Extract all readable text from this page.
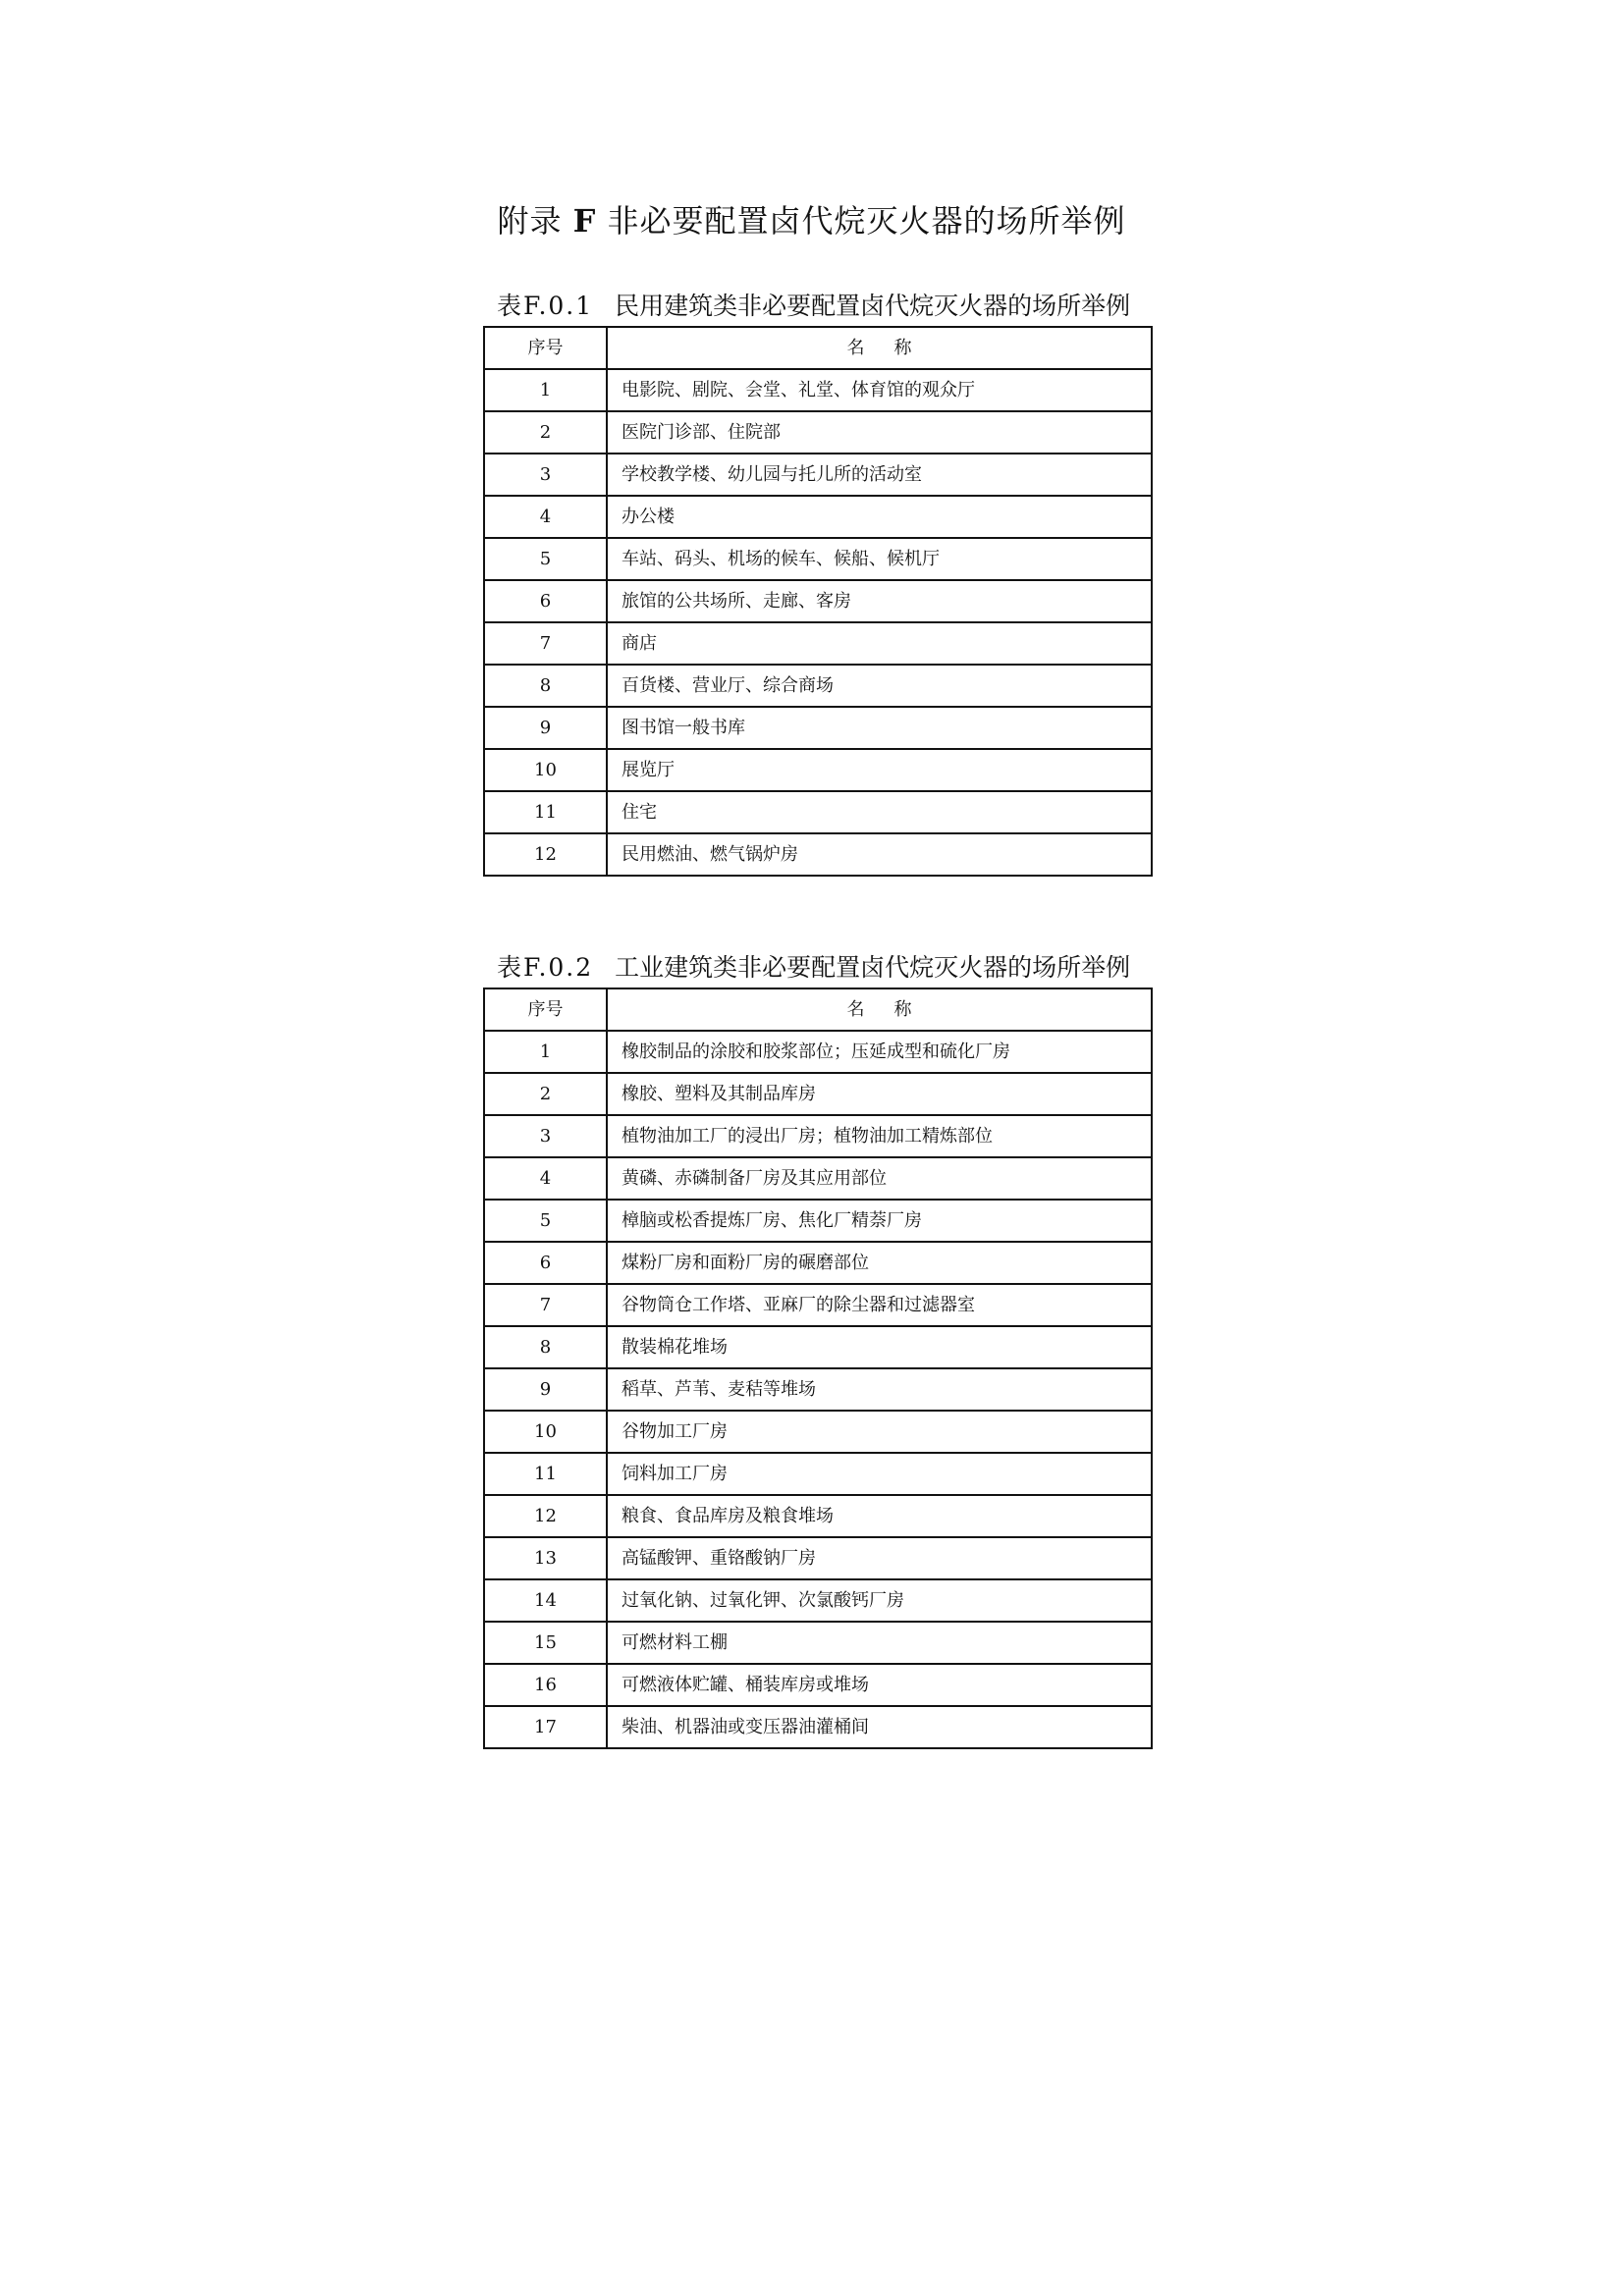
附录 F 非必要配置卤代烷灭火器的场所举例
表F.0.1 民用建筑类非必要配置卤代烷灭火器的场所举例
序号	名称
1	电影院、剧院、会堂、礼堂、体育馆的观众厅
2	医院门诊部、住院部
3	学校教学楼、幼儿园与托儿所的活动室
4	办公楼
5	车站、码头、机场的候车、候船、候机厅
6	旅馆的公共场所、走廊、客房
7	商店
8	百货楼、营业厅、综合商场
9	图书馆一般书库
10	展览厅
11	住宅
12	民用燃油、燃气锅炉房
表F.0.2 工业建筑类非必要配置卤代烷灭火器的场所举例
序号	名称
1	橡胶制品的涂胶和胶浆部位；压延成型和硫化厂房
2	橡胶、塑料及其制品库房
3	植物油加工厂的浸出厂房；植物油加工精炼部位
4	黄磷、赤磷制备厂房及其应用部位
5	樟脑或松香提炼厂房、焦化厂精萘厂房
6	煤粉厂房和面粉厂房的碾磨部位
7	谷物筒仓工作塔、亚麻厂的除尘器和过滤器室
8	散装棉花堆场
9	稻草、芦苇、麦秸等堆场
10	谷物加工厂房
11	饲料加工厂房
12	粮食、食品库房及粮食堆场
13	高锰酸钾、重铬酸钠厂房
14	过氧化钠、过氧化钾、次氯酸钙厂房
15	可燃材料工棚
16	可燃液体贮罐、桶装库房或堆场
17	柴油、机器油或变压器油灌桶间
